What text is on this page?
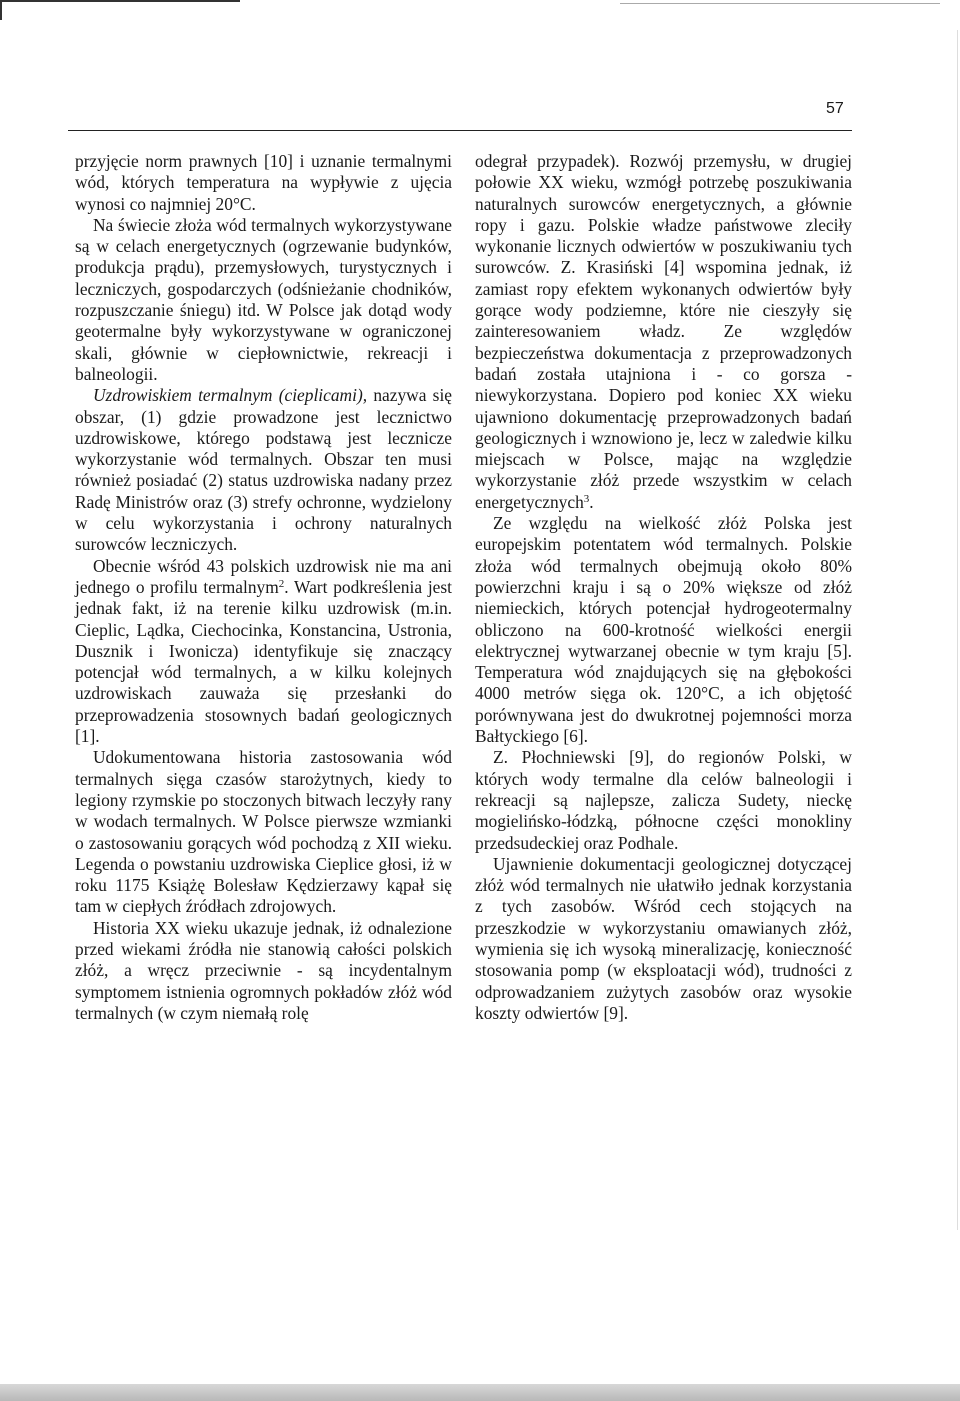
57

przyjęcie norm prawnych [10] i uznanie termalnymi wód, których temperatura na wypływie z ujęcia wynosi co najmniej 20°C.

Na świecie złoża wód termalnych wykorzystywane są w celach energetycznych (ogrzewanie budynków, produkcja prądu), przemysłowych, turystycznych i leczniczych, gospodarczych (odśnieżanie chodników, rozpuszczanie śniegu) itd. W Polsce jak dotąd wody geotermalne były wykorzystywane w ograniczonej skali, głównie w ciepłownictwie, rekreacji i balneologii.

Uzdrowiskiem termalnym (cieplicami), nazywa się obszar, (1) gdzie prowadzone jest lecznictwo uzdrowiskowe, którego podstawą jest lecznicze wykorzystanie wód termalnych. Obszar ten musi również posiadać (2) status uzdrowiska nadany przez Radę Ministrów oraz (3) strefy ochronne, wydzielony w celu wykorzystania i ochrony naturalnych surowców leczniczych.

Obecnie wśród 43 polskich uzdrowisk nie ma ani jednego o profilu termalnym$^2$. Wart podkreślenia jest jednak fakt, iż na terenie kilku uzdrowisk (m.in. Cieplic, Lądka, Ciechocinka, Konstancina, Ustronia, Dusznik i Iwonicza) identyfikuje się znaczący potencjał wód termalnych, a w kilku kolejnych uzdrowiskach zauważa się przesłanki do przeprowadzenia stosownych badań geologicznych [1].

Udokumentowana historia zastosowania wód termalnych sięga czasów starożytnych, kiedy to legiony rzymskie po stoczonych bitwach leczyły rany w wodach termalnych. W Polsce pierwsze wzmianki o zastosowaniu gorących wód pochodzą z XII wieku. Legenda o powstaniu uzdrowiska Cieplice głosi, iż w roku 1175 Książę Bolesław Kędzierzawy kąpał się tam w ciepłych źródłach zdrojowych.

Historia XX wieku ukazuje jednak, iż odnalezione przed wiekami źródła nie stanowią całości polskich złóż, a wręcz przeciwnie - są incydentalnym symptomem istnienia ogromnych pokładów złóż wód termalnych (w czym niemałą rolę

odegrał przypadek). Rozwój przemysłu, w drugiej połowie XX wieku, wzmógł potrzebę poszukiwania naturalnych surowców energetycznych, a głównie ropy i gazu. Polskie władze państwowe zleciły wykonanie licznych odwiertów w poszukiwaniu tych surowców. Z. Krasiński [4] wspomina jednak, iż zamiast ropy efektem wykonanych odwiertów były gorące wody podziemne, które nie cieszyły się zainteresowaniem władz. Ze względów bezpieczeństwa dokumentacja z przeprowadzonych badań została utajniona i - co gorsza - niewykorzystana. Dopiero pod koniec XX wieku ujawniono dokumentację przeprowadzonych badań geologicznych i wznowiono je, lecz w zaledwie kilku miejscach w Polsce, mając na względzie wykorzystanie złóż przede wszystkim w celach energetycznych$^3$.

Ze względu na wielkość złóż Polska jest europejskim potentatem wód termalnych. Polskie złoża wód termalnych obejmują około 80% powierzchni kraju i są o 20% większe od złóż niemieckich, których potencjał hydrogeotermalny obliczono na 600-krotność wielkości energii elektrycznej wytwarzanej obecnie w tym kraju [5]. Temperatura wód znajdujących się na głębokości 4000 metrów sięga ok. 120°C, a ich objętość porównywana jest do dwukrotnej pojemności morza Bałtyckiego [6].

Z. Płochniewski [9], do regionów Polski, w których wody termalne dla celów balneologii i rekreacji są najlepsze, zalicza Sudety, nieckę mogielińsko-łódzką, północne części monokliny przedsudeckiej oraz Podhale.

Ujawnienie dokumentacji geologicznej dotyczącej złóż wód termalnych nie ułatwiło jednak korzystania z tych zasobów. Wśród cech stojących na przeszkodzie w wykorzystaniu omawianych złóż, wymienia się ich wysoką mineralizację, konieczność stosowania pomp (w eksploatacji wód), trudności z odprowadzaniem zużytych zasobów oraz wysokie koszty odwiertów [9].
